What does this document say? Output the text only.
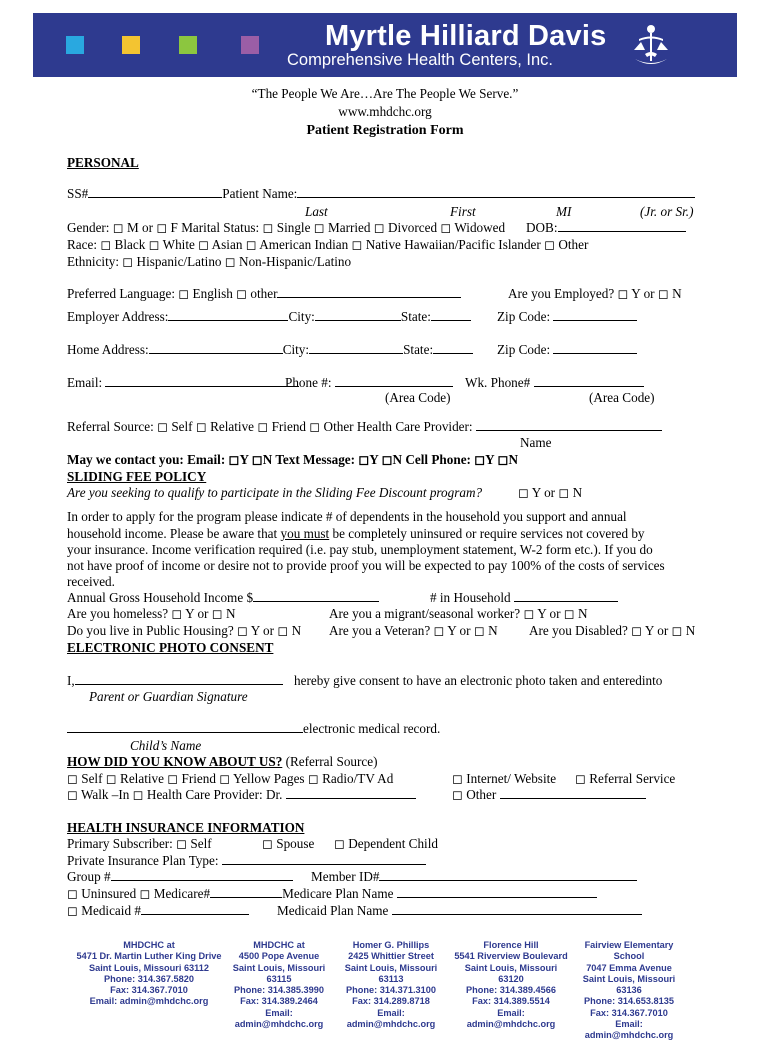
Myrtle Hilliard Davis
Comprehensive Health Centers, Inc.
“The People We Are…Are The People We Serve.”
www.mhdchc.org
Patient Registration Form
PERSONAL
SS#	Patient Name:
Last	First	MI	(Jr. or Sr.)
Gender: ◻ M or ◻ F Marital Status: ◻ Single ◻ Married ◻ Divorced ◻ Widowed DOB:
Race: ◻ Black ◻ White ◻ Asian ◻ American Indian ◻ Native Hawaiian/Pacific Islander ◻ Other
Ethnicity: ◻ Hispanic/Latino ◻ Non-Hispanic/Latino
Preferred Language: ◻ English ◻ other	Are you Employed? ◻ Y or ◻ N
Employer Address:	City:	State:	Zip Code:
Home Address:	City:	State:	Zip Code:
Email:	Phone #:	Wk. Phone#
(Area Code)	(Area Code)
Referral Source: ◻ Self ◻ Relative ◻ Friend ◻ Other Health Care Provider:
Name
May we contact you: Email: ◻Y ◻N Text Message: ◻Y ◻N Cell Phone: ◻Y ◻N
SLIDING FEE POLICY
Are you seeking to qualify to participate in the Sliding Fee Discount program?	◻ Y or ◻ N
In order to apply for the program please indicate # of dependents in the household you support and annual
household income. Please be aware that you must be completely uninsured or require services not covered by
your insurance. Income verification required (i.e. pay stub, unemployment statement, W-2 form etc.). If you do
not have proof of income or desire not to provide proof you will be expected to pay 100% of the costs of services
received.
Annual Gross Household Income $	# in Household
Are you homeless? ◻ Y or ◻ N	Are you a migrant/seasonal worker? ◻ Y or ◻ N
Do you live in Public Housing? ◻ Y or ◻ N Are you a Veteran? ◻ Y or ◻ N Are you Disabled? ◻ Y or ◻ N
ELECTRONIC PHOTO CONSENT
I,	hereby give consent to have an electronic photo taken and enteredinto
Parent or Guardian Signature
electronic medical record.
Child’s Name
HOW DID YOU KNOW ABOUT US? (Referral Source)
◻ Self ◻ Relative ◻ Friend ◻ Yellow Pages ◻ Radio/TV Ad	◻ Internet/ Website ◻ Referral Service
◻ Walk –In ◻ Health Care Provider: Dr.	◻ Other
HEALTH INSURANCE INFORMATION
Primary Subscriber: ◻ Self	◻ Spouse ◻ Dependent Child
Private Insurance Plan Type:
Group #	Member ID#
◻ Uninsured ◻ Medicare#	Medicare Plan Name
◻ Medicaid #	Medicaid Plan Name
MHDCHC at
5471 Dr. Martin Luther King Drive
Saint Louis, Missouri 63112
Phone: 314.367.5820
Fax: 314.367.7010
Email: admin@mhdchc.org
MHDCHC at
4500 Pope Avenue
Saint Louis, Missouri 63115
Phone: 314.385.3990
Fax: 314.389.2464
Email: admin@mhdchc.org
Homer G. Phillips
2425 Whittier Street
Saint Louis, Missouri 63113
Phone: 314.371.3100
Fax: 314.289.8718
Email: admin@mhdchc.org
Florence Hill
5541 Riverview Boulevard
Saint Louis, Missouri 63120
Phone: 314.389.4566
Fax: 314.389.5514
Email: admin@mhdchc.org
Fairview Elementary School
7047 Emma Avenue
Saint Louis, Missouri 63136
Phone: 314.653.8135
Fax: 314.367.7010
Email: admin@mhdchc.org
